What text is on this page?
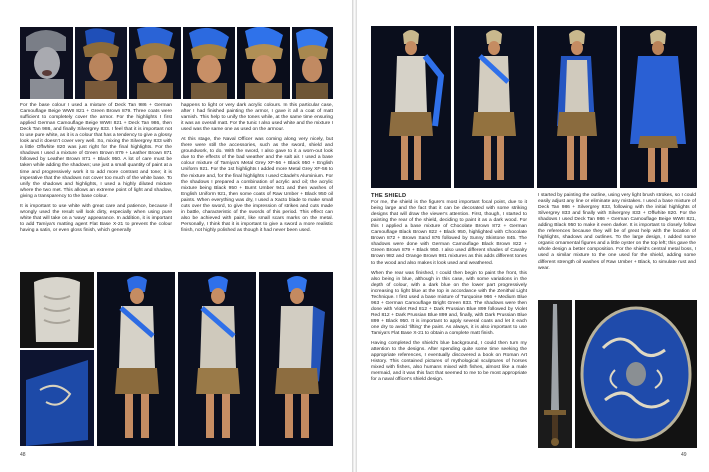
For the base colour I used a mixture of Deck Tan 986 + German Camouflage Beige WWII 821 + Green Brown 879. Three coats were sufficient to completely cover the armor. For the highlights I first applied German Camouflage Beige WWII 821 + Deck Tan 986, then Deck Tan 986, and finally Silvergrey 833. I feel that it is important not to use pure white, as it is a colour that has a tendency to give a glossy look and it doesn't cover very well. So, mixing the Silvergrey 833 with a little Offwhite 820 was just right for the final highlights. For the shadows I used a mixture of Green Brown 879 + Leather Brown 871 followed by Leather Brown 871 + Black 950. A lot of care must be taken while adding the shadows; use just a small quantity of paint at a time and progressively work it to add more contrast and tone; it is imperative that the shadows not cover too much of the white base. To unify the shadows and highlights, I used a highly diluted mixture where the two met. This allows an extreme point of light and shadow, giving a transparency to the base colour.

It is important to use white with great care and patience, because if wrongly used the result will look dirty, especially when using pure white that will take on a 'wavy' appearance. In addition, it is important to add Tamiya's matting agent Flat Base X-21 to prevent the colour having a satin, or even gloss finish, which generally

happens to light or very dark acrylic colours. In this particular case, after I had finished painting the armor, I gave it all a coat of matt varnish. This help to unify the tones while, at the same time ensuring it was an overall matt. For the tunic I also used white and the mixture I used was the same one as used on the armour.

At this stage, the Naval Officer was coming along very nicely, but there were still the accessories, such as the sword, shield and groundwork, to do. With the sword, I also gave to it a worn-out look due to the effects of the bad weather and the salt air. I used a base colour mixture of Tamiya's Metal Grey XF-56 + Black 950 + English Uniform 921. For the 1st highlights I added more Metal Grey XF-56 to the mixture and, for the final highlights I used Citadel's Aluminium. For the shadows I prepared a combination of acrylic and oil; the acrylic mixture being Black 950 + Burnt Umber 941 and then washes of English Uniform 921, then some coats of Raw Umber + Black 950 oil paints. When everything was dry, I used a Xacto blade to make small cuts over the sword, to give the impression of strikes and cuts made in battle, characteristic of the swords of this period. This effect can also be achieved with paint, like small scars marks on the metal. Personally, I think that it is important to give a sword a more realistic finish, not highly polished as though it had never been used.

48
THE SHIELD

For me, the shield is the figure's most important focal point, due to it being large and the fact that it can be decorated with some striking designs that will draw the viewer's attention. First, though, I started to painting the rear of the shield, deciding to paint it as a dark wood. For this I applied a base mixture of Chocolate Brown 872 + German Camouflage Black Brown 822 + Black 950, highlighted with Chocolate Brown 872 + Brown Sand 876 followed by Sunny Skintone 845. The shadows were done with German Camouflage Black Brown 822 + Green Brown 879 + Black 950. I also used different shades of Cavalry Brown 982 and Orange Brown 981 mixtures as this adds different tones to the wood and also makes it look used and weathered.

When the rear was finished, I could then begin to paint the front, this also being in blue, although in this case, with some variations in the depth of colour, with a dark blue on the lower part progressively increasing to light blue at the top in accordance with the Zenithal Light Technique. I first used a base mixture of Turquoise 966 + Medium Blue 963 + German Camouflage Bright Green 833. The shadows were then done with Violet Red 812 + Dark Prussian Blue 899 followed by Violet Red 812 + Dark Prussian Blue 899 and, finally, with Dark Prussian Blue 899 + Black 950. It is important to apply several coats and let it each one dry to avoid 'lifting' the paint. As always, it is also important to use Tamiya's Flat Base X-21 to obtain a complete matt finish.

Having completed the shield's blue background, I could then turn my attention to the designs. After spending quite some time seeking the appropriate references, I eventually discovered a book on Roman Art History. This contained pictures of mythological sculptures of horses mixed with fishes, also humans mixed with fishes, almost like a male mermaid, and it was this fact that seemed to me to be most appropriate for a naval officer's shield design.

I started by painting the outline, using very light brush strokes, so I could easily adjust any line or eliminate any mistakes. I used a base mixture of Deck Tan 986 + Silvergrey 833, following with the initial highlights of Silvergrey 833 and finally with Silvergrey 833 + Offwhite 820. For the shadows I used Deck Tan 986 + German Camouflage Beige WWII 821, adding Black 950 to make it even darker. It is important to closely follow the references because they will be of great help with the location of highlights, shadows and outlines. To the large design, I added some organic ornamental figures and a little oyster on the top left; this gave the whole design a better composition. For the shield's central metal boss, I used a similar mixture to the one used for the shield, adding some different strength oil washes of Raw Umber + Black, to simulate rust and wear.

49
